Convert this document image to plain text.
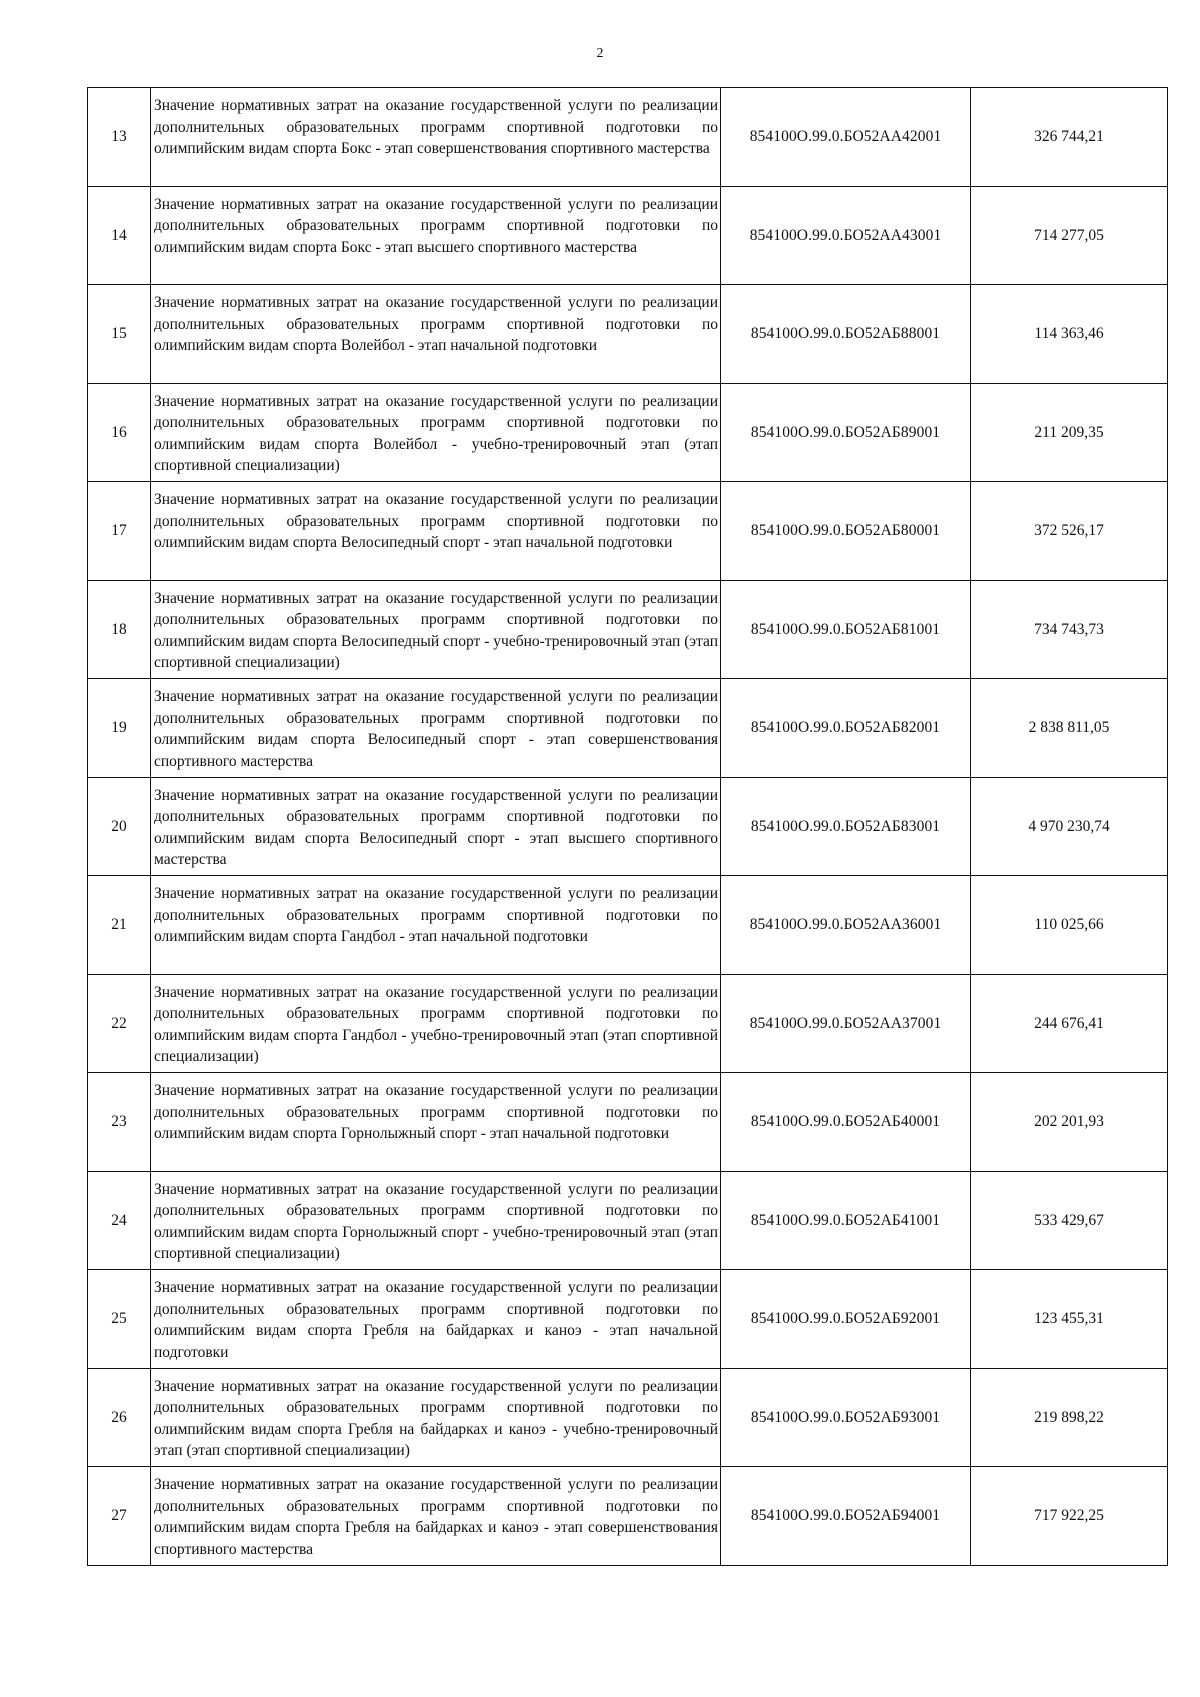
2
13	Значение нормативных затрат на оказание государственной услуги по реализации дополнительных образовательных программ спортивной подготовки по олимпийским видам спорта Бокс - этап совершенствования спортивного мастерства	854100О.99.0.БО52АА42001	326 744,21
14	Значение нормативных затрат на оказание государственной услуги по реализации дополнительных образовательных программ спортивной подготовки по олимпийским видам спорта Бокс - этап высшего спортивного мастерства	854100О.99.0.БО52АА43001	714 277,05
15	Значение нормативных затрат на оказание государственной услуги по реализации дополнительных образовательных программ спортивной подготовки по олимпийским видам спорта Волейбол - этап начальной подготовки	854100О.99.0.БО52АБ88001	114 363,46
16	Значение нормативных затрат на оказание государственной услуги по реализации дополнительных образовательных программ спортивной подготовки по олимпийским видам спорта Волейбол - учебно-тренировочный этап (этап спортивной специализации)	854100О.99.0.БО52АБ89001	211 209,35
17	Значение нормативных затрат на оказание государственной услуги по реализации дополнительных образовательных программ спортивной подготовки по олимпийским видам спорта Велосипедный спорт - этап начальной подготовки	854100О.99.0.БО52АБ80001	372 526,17
18	Значение нормативных затрат на оказание государственной услуги по реализации дополнительных образовательных программ спортивной подготовки по олимпийским видам спорта Велосипедный спорт - учебно-тренировочный этап (этап спортивной специализации)	854100О.99.0.БО52АБ81001	734 743,73
19	Значение нормативных затрат на оказание государственной услуги по реализации дополнительных образовательных программ спортивной подготовки по олимпийским видам спорта Велосипедный спорт - этап совершенствования спортивного мастерства	854100О.99.0.БО52АБ82001	2 838 811,05
20	Значение нормативных затрат на оказание государственной услуги по реализации дополнительных образовательных программ спортивной подготовки по олимпийским видам спорта Велосипедный спорт - этап высшего спортивного мастерства	854100О.99.0.БО52АБ83001	4 970 230,74
21	Значение нормативных затрат на оказание государственной услуги по реализации дополнительных образовательных программ спортивной подготовки по олимпийским видам спорта Гандбол - этап начальной подготовки	854100О.99.0.БО52АА36001	110 025,66
22	Значение нормативных затрат на оказание государственной услуги по реализации дополнительных образовательных программ спортивной подготовки по олимпийским видам спорта Гандбол - учебно-тренировочный этап (этап спортивной специализации)	854100О.99.0.БО52АА37001	244 676,41
23	Значение нормативных затрат на оказание государственной услуги по реализации дополнительных образовательных программ спортивной подготовки по олимпийским видам спорта Горнолыжный спорт - этап начальной подготовки	854100О.99.0.БО52АБ40001	202 201,93
24	Значение нормативных затрат на оказание государственной услуги по реализации дополнительных образовательных программ спортивной подготовки по олимпийским видам спорта Горнолыжный спорт - учебно-тренировочный этап (этап спортивной специализации)	854100О.99.0.БО52АБ41001	533 429,67
25	Значение нормативных затрат на оказание государственной услуги по реализации дополнительных образовательных программ спортивной подготовки по олимпийским видам спорта Гребля на байдарках и каноэ - этап начальной подготовки	854100О.99.0.БО52АБ92001	123 455,31
26	Значение нормативных затрат на оказание государственной услуги по реализации дополнительных образовательных программ спортивной подготовки по олимпийским видам спорта Гребля на байдарках и каноэ - учебно-тренировочный этап (этап спортивной специализации)	854100О.99.0.БО52АБ93001	219 898,22
27	Значение нормативных затрат на оказание государственной услуги по реализации дополнительных образовательных программ спортивной подготовки по олимпийским видам спорта Гребля на байдарках и каноэ - этап совершенствования спортивного мастерства	854100О.99.0.БО52АБ94001	717 922,25
